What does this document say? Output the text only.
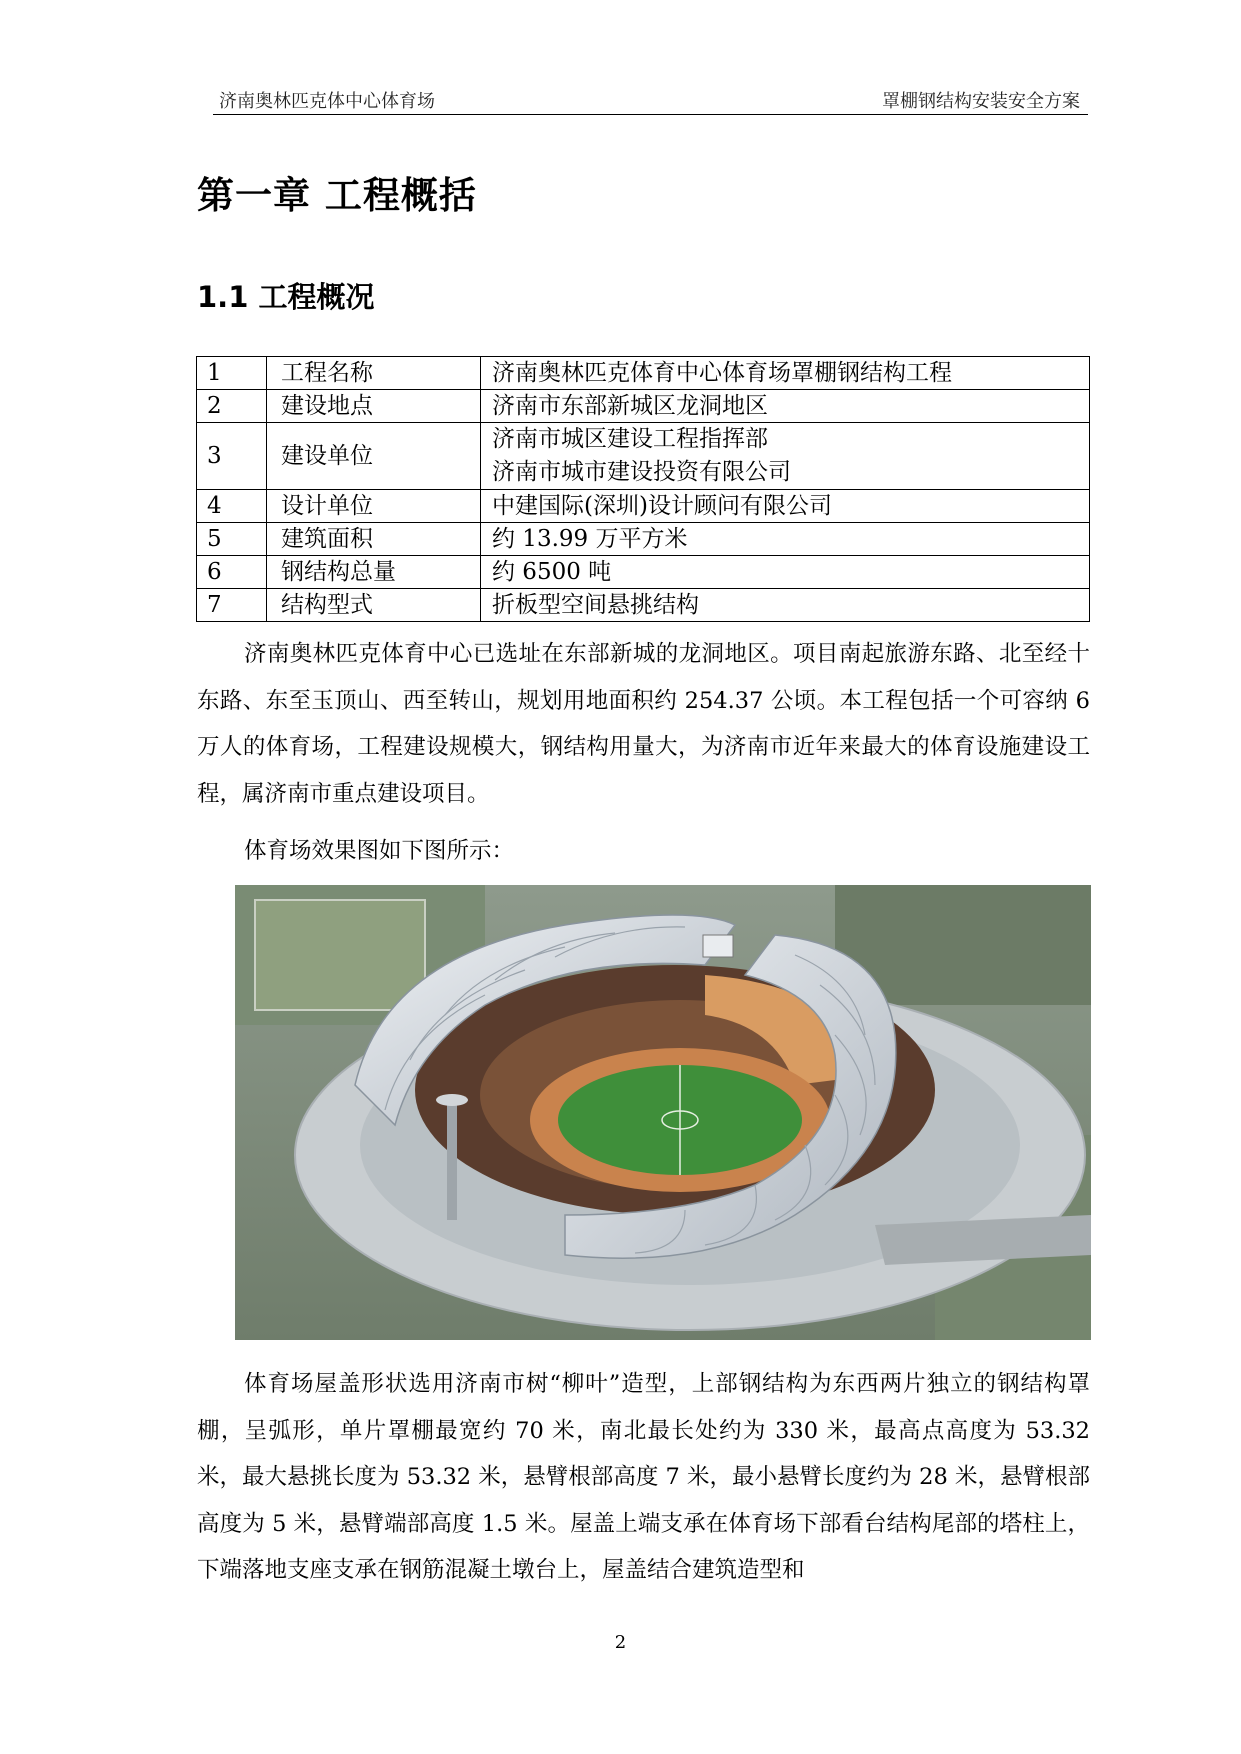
济南奥林匹克体中心体育场	罩棚钢结构安装安全方案
第一章 工程概括
1.1 工程概况
1	工程名称	济南奥林匹克体育中心体育场罩棚钢结构工程
2	建设地点	济南市东部新城区龙洞地区
3	建设单位	济南市城区建设工程指挥部
济南市城市建设投资有限公司

4	设计单位	中建国际(深圳)设计顾问有限公司
5	建筑面积	约 13.99 万平方米
6	钢结构总量	约 6500 吨
7	结构型式	折板型空间悬挑结构

济南奥林匹克体育中心已选址在东部新城的龙洞地区。项目南起旅游东路、北至经十东路、东至玉顶山、西至转山，规划用地面积约 254.37 公顷。本工程包括一个可容纳 6 万人的体育场，工程建设规模大，钢结构用量大，为济南市近年来最大的体育设施建设工程，属济南市重点建设项目。

体育场效果图如下图所示：

体育场屋盖形状选用济南市树“柳叶”造型，上部钢结构为东西两片独立的钢结构罩棚，呈弧形，单片罩棚最宽约 70 米，南北最长处约为 330 米，最高点高度为 53.32 米，最大悬挑长度为 53.32 米，悬臂根部高度 7 米，最小悬臂长度约为 28 米，悬臂根部高度为 5 米，悬臂端部高度 1.5 米。屋盖上端支承在体育场下部看台结构尾部的塔柱上，下端落地支座支承在钢筋混凝土墩台上，屋盖结合建筑造型和

2
